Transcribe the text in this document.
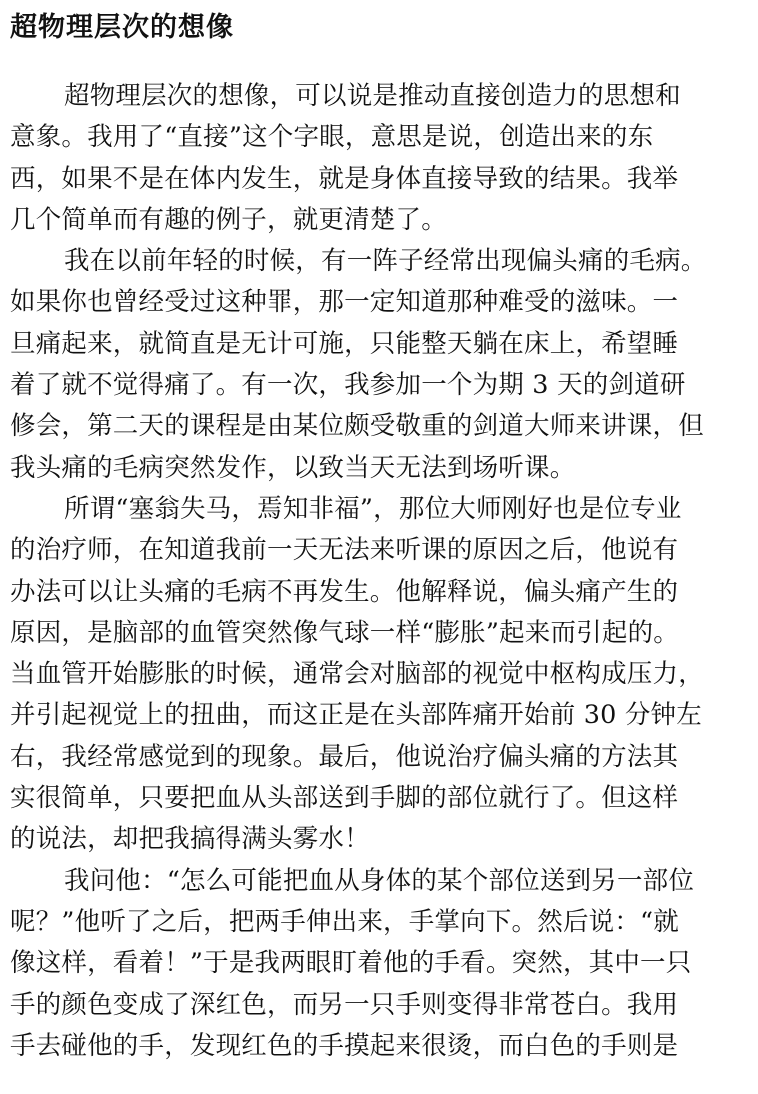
超物理层次的想像
超物理层次的想像，可以说是推动直接创造力的思想和
意象。我用了“直接”这个字眼，意思是说，创造出来的东
西，如果不是在体内发生，就是身体直接导致的结果。我举
几个简单而有趣的例子，就更清楚了。
我在以前年轻的时候，有一阵子经常出现偏头痛的毛病。
如果你也曾经受过这种罪，那一定知道那种难受的滋味。一
旦痛起来，就简直是无计可施，只能整天躺在床上，希望睡
着了就不觉得痛了。有一次，我参加一个为期 3 天的剑道研
修会，第二天的课程是由某位颇受敬重的剑道大师来讲课，但
我头痛的毛病突然发作，以致当天无法到场听课。
所谓“塞翁失马，焉知非福”，那位大师刚好也是位专业
的治疗师，在知道我前一天无法来听课的原因之后，他说有
办法可以让头痛的毛病不再发生。他解释说，偏头痛产生的
原因，是脑部的血管突然像气球一样“膨胀”起来而引起的。
当血管开始膨胀的时候，通常会对脑部的视觉中枢构成压力，
并引起视觉上的扭曲，而这正是在头部阵痛开始前 30 分钟左
右，我经常感觉到的现象。最后，他说治疗偏头痛的方法其
实很简单，只要把血从头部送到手脚的部位就行了。但这样
的说法，却把我搞得满头雾水！
我问他：“怎么可能把血从身体的某个部位送到另一部位
呢？”他听了之后，把两手伸出来，手掌向下。然后说：“就
像这样，看着！”于是我两眼盯着他的手看。突然，其中一只
手的颜色变成了深红色，而另一只手则变得非常苍白。我用
手去碰他的手，发现红色的手摸起来很烫，而白色的手则是
